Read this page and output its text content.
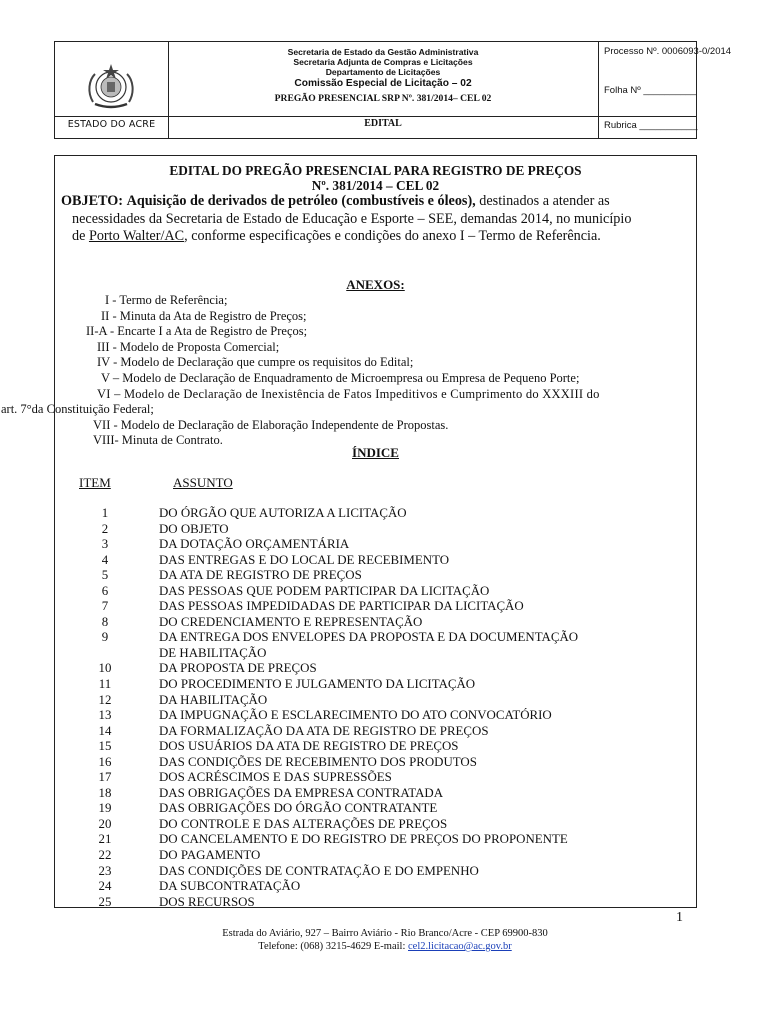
ESTADO DO ACRE
Secretaria de Estado da Gestão Administrativa
Secretaria Adjunta de Compras e Licitações
Departamento de Licitações
Comissão Especial de Licitação – 02
PREGÃO PRESENCIAL SRP Nº. 381/2014– CEL 02
EDITAL
Processo Nº. 0006093-0/2014
Folha Nº __________
Rubrica ___________
EDITAL DO PREGÃO PRESENCIAL PARA REGISTRO DE PREÇOS
Nº. 381/2014 – CEL 02
OBJETO: Aquisição de derivados de petróleo (combustíveis e óleos), destinados a atender as
necessidades da Secretaria de Estado de Educação e Esporte – SEE, demandas 2014, no município
de Porto Walter/AC, conforme especificações e condições do anexo I – Termo de Referência.
ANEXOS:
I - Termo de Referência;
II - Minuta da Ata de Registro de Preços;
II-A - Encarte I a Ata de Registro de Preços;
III - Modelo de Proposta Comercial;
IV - Modelo de Declaração que cumpre os requisitos do Edital;
V – Modelo de Declaração de Enquadramento de Microempresa ou Empresa de Pequeno Porte;
VI – Modelo de Declaração de Inexistência de Fatos Impeditivos e Cumprimento do XXXIII do
art. 7°da Constituição Federal;
VII - Modelo de Declaração de Elaboração Independente de Propostas.
VIII- Minuta de Contrato.
ÍNDICE
ITEM	ASSUNTO
1	DO ÓRGÃO QUE AUTORIZA A LICITAÇÃO
2	DO OBJETO
3	DA DOTAÇÃO ORÇAMENTÁRIA
4	DAS ENTREGAS E DO LOCAL DE RECEBIMENTO
5	DA ATA DE REGISTRO DE PREÇOS
6	DAS PESSOAS QUE PODEM PARTICIPAR DA LICITAÇÃO
7	DAS PESSOAS IMPEDIDADAS DE PARTICIPAR DA LICITAÇÃO
8	DO CREDENCIAMENTO E REPRESENTAÇÃO
9	DA ENTREGA DOS ENVELOPES DA PROPOSTA E DA DOCUMENTAÇÃO
DE HABILITAÇÃO
10	DA PROPOSTA DE PREÇOS
11	DO PROCEDIMENTO E JULGAMENTO DA LICITAÇÃO
12	DA HABILITAÇÃO
13	DA IMPUGNAÇÃO E ESCLARECIMENTO DO ATO CONVOCATÓRIO
14	DA FORMALIZAÇÃO DA ATA DE REGISTRO DE PREÇOS
15	DOS USUÁRIOS DA ATA DE REGISTRO DE PREÇOS
16	DAS CONDIÇÕES DE RECEBIMENTO DOS PRODUTOS
17	DOS ACRÉSCIMOS E DAS SUPRESSÕES
18	DAS OBRIGAÇÕES DA EMPRESA CONTRATADA
19	DAS OBRIGAÇÕES DO ÓRGÃO CONTRATANTE
20	DO CONTROLE E DAS ALTERAÇÕES DE PREÇOS
21	DO CANCELAMENTO E DO REGISTRO DE PREÇOS DO PROPONENTE
22	DO PAGAMENTO
23	DAS CONDIÇÕES DE CONTRATAÇÃO E DO EMPENHO
24	DA SUBCONTRATAÇÃO
25	DOS RECURSOS
1
Estrada do Aviário, 927 – Bairro Aviário - Rio Branco/Acre - CEP 69900-830
Telefone: (068) 3215-4629 E-mail: cel2.licitacao@ac.gov.br
